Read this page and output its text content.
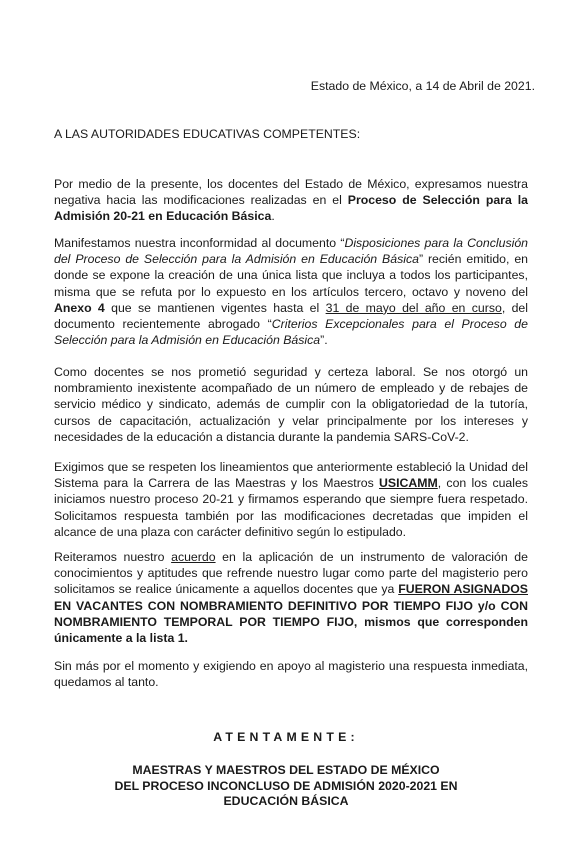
Estado de México, a 14 de Abril de 2021.
A LAS AUTORIDADES EDUCATIVAS COMPETENTES:

Por medio de la presente, los docentes del Estado de México, expresamos nuestra negativa hacia las modificaciones realizadas en el Proceso de Selección para la Admisión 20-21 en Educación Básica.

Manifestamos nuestra inconformidad al documento “Disposiciones para la Conclusión del Proceso de Selección para la Admisión en Educación Básica” recién emitido, en donde se expone la creación de una única lista que incluya a todos los participantes, misma que se refuta por lo expuesto en los artículos tercero, octavo y noveno del Anexo 4 que se mantienen vigentes hasta el 31 de mayo del año en curso, del documento recientemente abrogado “Criterios Excepcionales para el Proceso de Selección para la Admisión en Educación Básica”.

Como docentes se nos prometió seguridad y certeza laboral. Se nos otorgó un nombramiento inexistente acompañado de un número de empleado y de rebajes de servicio médico y sindicato, además de cumplir con la obligatoriedad de la tutoría, cursos de capacitación, actualización y velar principalmente por los intereses y necesidades de la educación a distancia durante la pandemia SARS-CoV-2.

Exigimos que se respeten los lineamientos que anteriormente estableció la Unidad del Sistema para la Carrera de las Maestras y los Maestros USICAMM, con los cuales iniciamos nuestro proceso 20-21 y firmamos esperando que siempre fuera respetado. Solicitamos respuesta también por las modificaciones decretadas que impiden el alcance de una plaza con carácter definitivo según lo estipulado.

Reiteramos nuestro acuerdo en la aplicación de un instrumento de valoración de conocimientos y aptitudes que refrende nuestro lugar como parte del magisterio pero solicitamos se realice únicamente a aquellos docentes que ya FUERON ASIGNADOS EN VACANTES CON NOMBRAMIENTO DEFINITIVO POR TIEMPO FIJO y/o CON NOMBRAMIENTO TEMPORAL POR TIEMPO FIJO, mismos que corresponden únicamente a la lista 1.

Sin más por el momento y exigiendo en apoyo al magisterio una respuesta inmediata, quedamos al tanto.

ATENTAMENTE:
MAESTRAS Y MAESTROS DEL ESTADO DE MÉXICO
DEL PROCESO INCONCLUSO DE ADMISIÓN 2020-2021 EN
EDUCACIÓN BÁSICA
